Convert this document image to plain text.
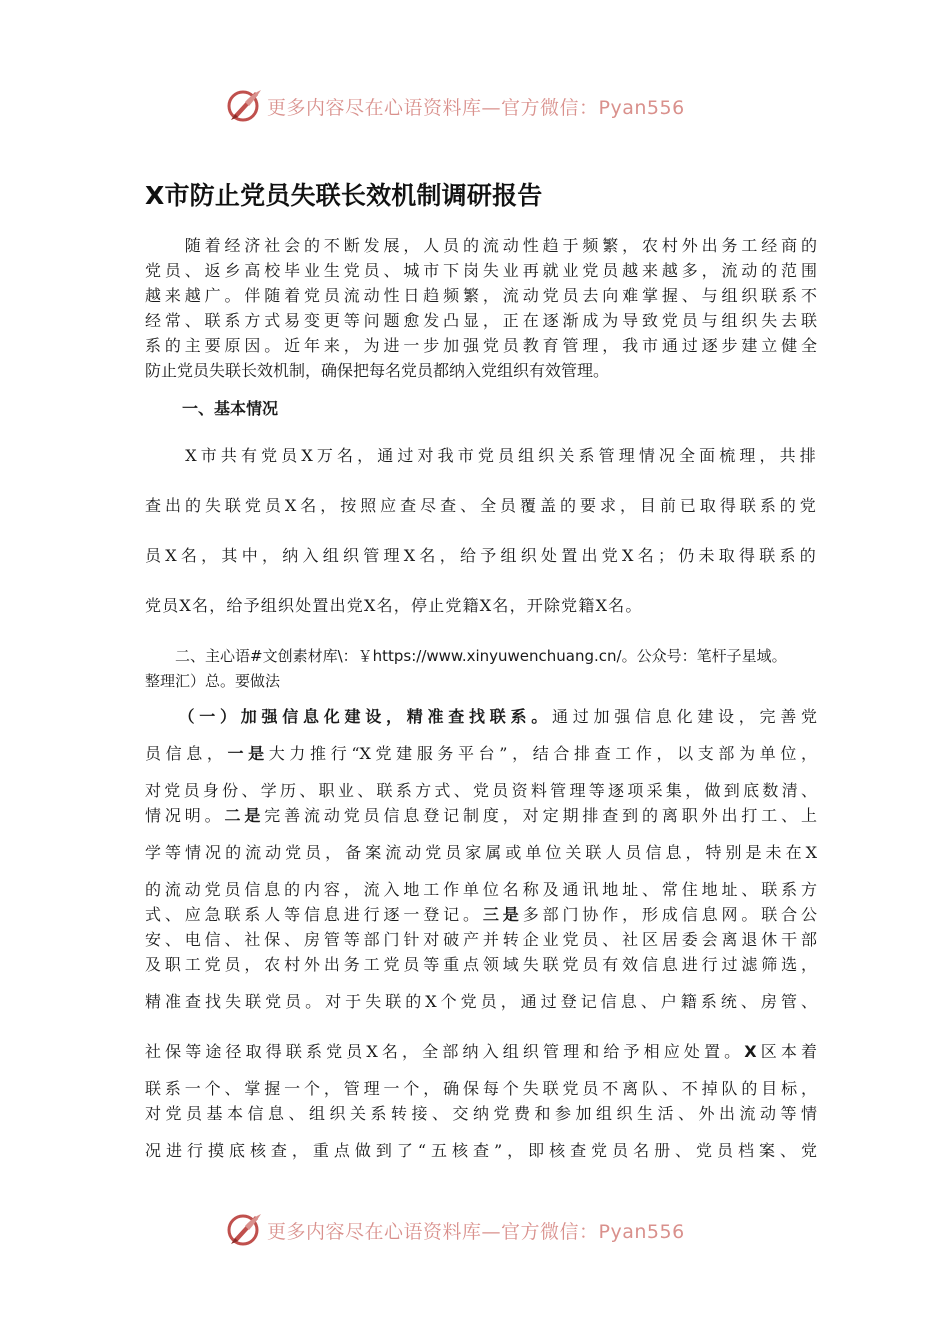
更多内容尽在心语资料库—官方微信：Pyan556
X市防止党员失联长效机制调研报告
　　随着经济社会的不断发展，人员的流动性趋于频繁，农村外出务工经商的
党员、返乡高校毕业生党员、城市下岗失业再就业党员越来越多，流动的范围
越来越广。伴随着党员流动性日趋频繁，流动党员去向难掌握、与组织联系不
经常、联系方式易变更等问题愈发凸显，正在逐渐成为导致党员与组织失去联
系的主要原因。近年来，为进一步加强党员教育管理，我市通过逐步建立健全
防止党员失联长效机制，确保把每名党员都纳入党组织有效管理。
一、基本情况
　　X市共有党员X万名，通过对我市党员组织关系管理情况全面梳理，共排
查出的失联党员X名，按照应查尽查、全员覆盖的要求，目前已取得联系的党
员X名，其中，纳入组织管理X名，给予组织处置出党X名；仍未取得联系的
党员X名，给予组织处置出党X名，停止党籍X名，开除党籍X名。
　　二、主心语#文创素材库\：￥https://www.xinyuwenchuang.cn/。公众号：笔杆子星域。
整理汇）总。要做法
　　（一）加强信息化建设，精准查找联系。通过加强信息化建设，完善党
员信息，一是大力推行“X党建服务平台”，结合排查工作，以支部为单位，
对党员身份、学历、职业、联系方式、党员资料管理等逐项采集，做到底数清、
情况明。二是完善流动党员信息登记制度，对定期排查到的离职外出打工、上
学等情况的流动党员，备案流动党员家属或单位关联人员信息，特别是未在X
的流动党员信息的内容，流入地工作单位名称及通讯地址、常住地址、联系方
式、应急联系人等信息进行逐一登记。三是多部门协作，形成信息网。联合公
安、电信、社保、房管等部门针对破产并转企业党员、社区居委会离退休干部
及职工党员，农村外出务工党员等重点领域失联党员有效信息进行过滤筛选，
精准查找失联党员。对于失联的X个党员，通过登记信息、户籍系统、房管、
社保等途径取得联系党员X名，全部纳入组织管理和给予相应处置。X区本着
联系一个、掌握一个，管理一个，确保每个失联党员不离队、不掉队的目标，
对党员基本信息、组织关系转接、交纳党费和参加组织生活、外出流动等情
况进行摸底核查，重点做到了“五核查”，即核查党员名册、党员档案、党
更多内容尽在心语资料库—官方微信：Pyan556
